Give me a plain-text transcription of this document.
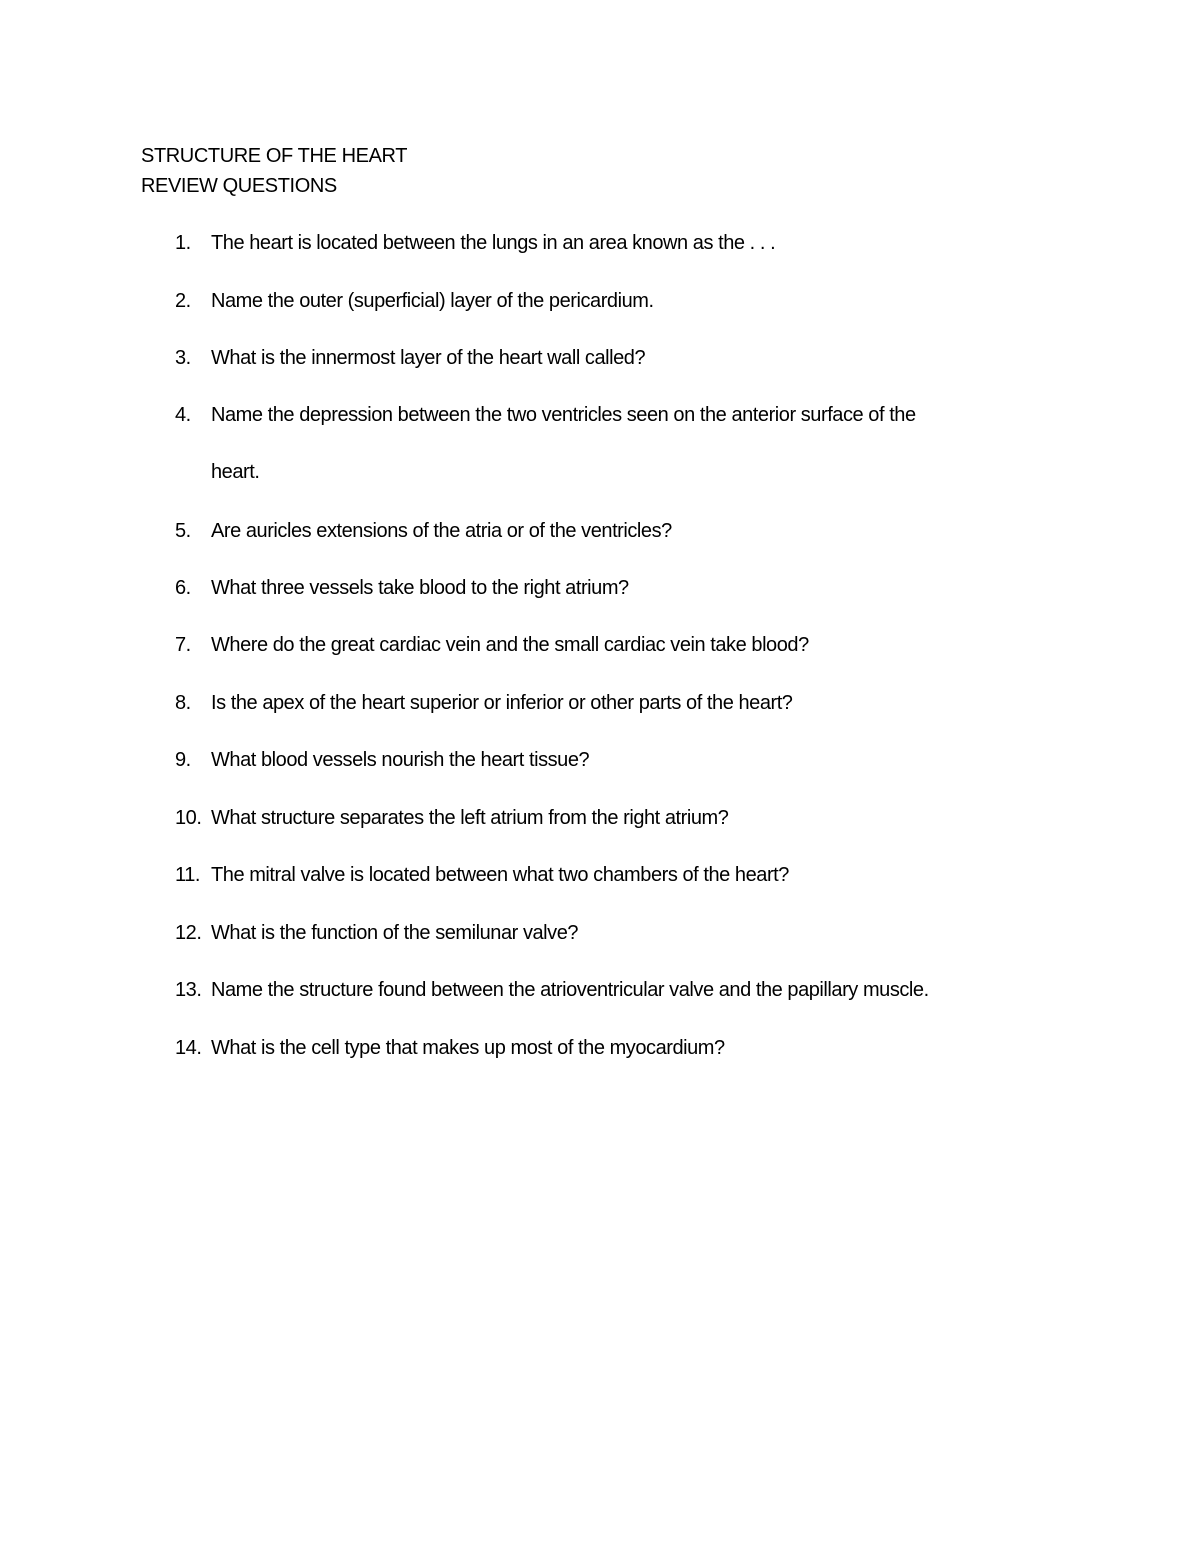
STRUCTURE OF THE HEART
REVIEW QUESTIONS
1. The heart is located between the lungs in an area known as the . . .
2. Name the outer (superficial) layer of the pericardium.
3. What is the innermost layer of the heart wall called?
4. Name the depression between the two ventricles seen on the anterior surface of the
heart.
5. Are auricles extensions of the atria or of the ventricles?
6. What three vessels take blood to the right atrium?
7. Where do the great cardiac vein and the small cardiac vein take blood?
8. Is the apex of the heart superior or inferior or other parts of the heart?
9. What blood vessels nourish the heart tissue?
10. What structure separates the left atrium from the right atrium?
11. The mitral valve is located between what two chambers of the heart?
12. What is the function of the semilunar valve?
13. Name the structure found between the atrioventricular valve and the papillary muscle.
14. What is the cell type that makes up most of the myocardium?
